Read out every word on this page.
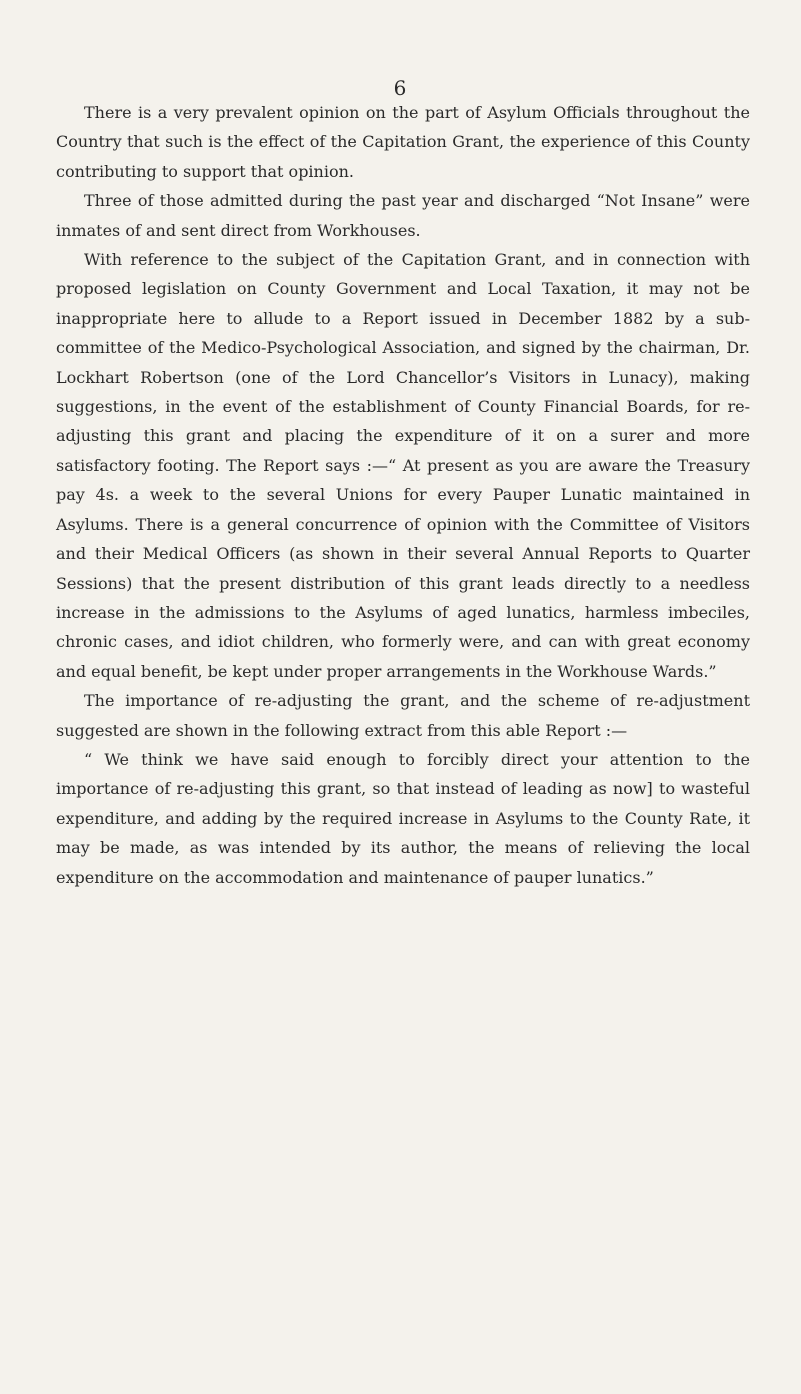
6

There is a very prevalent opinion on the part of Asylum Officials throughout the Country that such is the effect of the Capitation Grant, the experience of this County contributing to support that opinion.

Three of those admitted during the past year and discharged “Not Insane” were inmates of and sent direct from Workhouses.

With reference to the subject of the Capitation Grant, and in connection with proposed legislation on County Government and Local Taxation, it may not be inappropriate here to allude to a Report issued in December 1882 by a sub-committee of the Medico-Psychological Association, and signed by the chairman, Dr. Lockhart Robertson (one of the Lord Chancellor’s Visitors in Lunacy), making suggestions, in the event of the establishment of County Financial Boards, for re-adjusting this grant and placing the expenditure of it on a surer and more satisfactory footing. The Report says :—“ At present as you are aware the Treasury pay 4s. a week to the several Unions for every Pauper Lunatic maintained in Asylums. There is a general concurrence of opinion with the Committee of Visitors and their Medical Officers (as shown in their several Annual Reports to Quarter Sessions) that the present distribution of this grant leads directly to a needless increase in the admissions to the Asylums of aged lunatics, harmless imbeciles, chronic cases, and idiot children, who formerly were, and can with great economy and equal benefit, be kept under proper arrangements in the Workhouse Wards.”

The importance of re-adjusting the grant, and the scheme of re-adjustment suggested are shown in the following extract from this able Report :—

“ We think we have said enough to forcibly direct your attention to the importance of re-adjusting this grant, so that instead of leading as now] to wasteful expenditure, and adding by the required increase in Asylums to the County Rate, it may be made, as was intended by its author, the means of relieving the local expenditure on the accommodation and maintenance of pauper lunatics.”
